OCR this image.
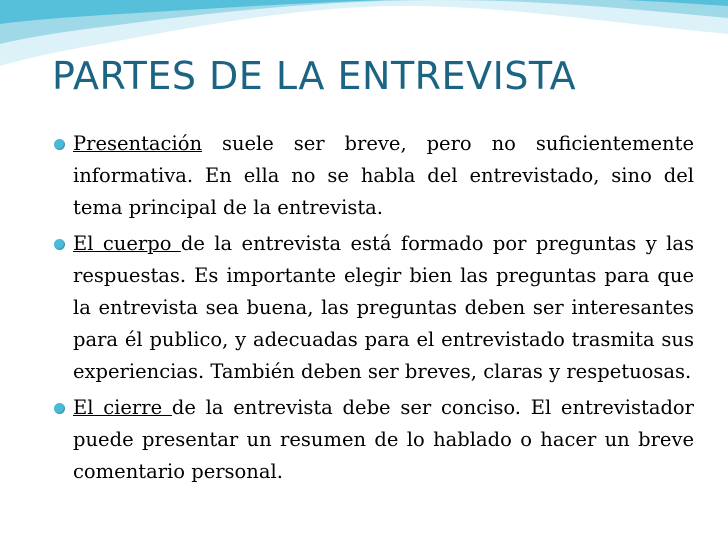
PARTES DE LA ENTREVISTA
Presentación suele ser breve, pero no suficientemente informativa. En ella no se habla del entrevistado, sino del tema principal de la entrevista.
El cuerpo de la entrevista está formado por preguntas y las respuestas. Es importante elegir bien las preguntas para que la entrevista sea buena, las preguntas deben ser interesantes para él publico, y adecuadas para el entrevistado trasmita sus experiencias. También deben ser breves, claras y respetuosas.
El cierre de la entrevista debe ser conciso. El entrevistador puede presentar un resumen de lo hablado o hacer un breve comentario personal.
